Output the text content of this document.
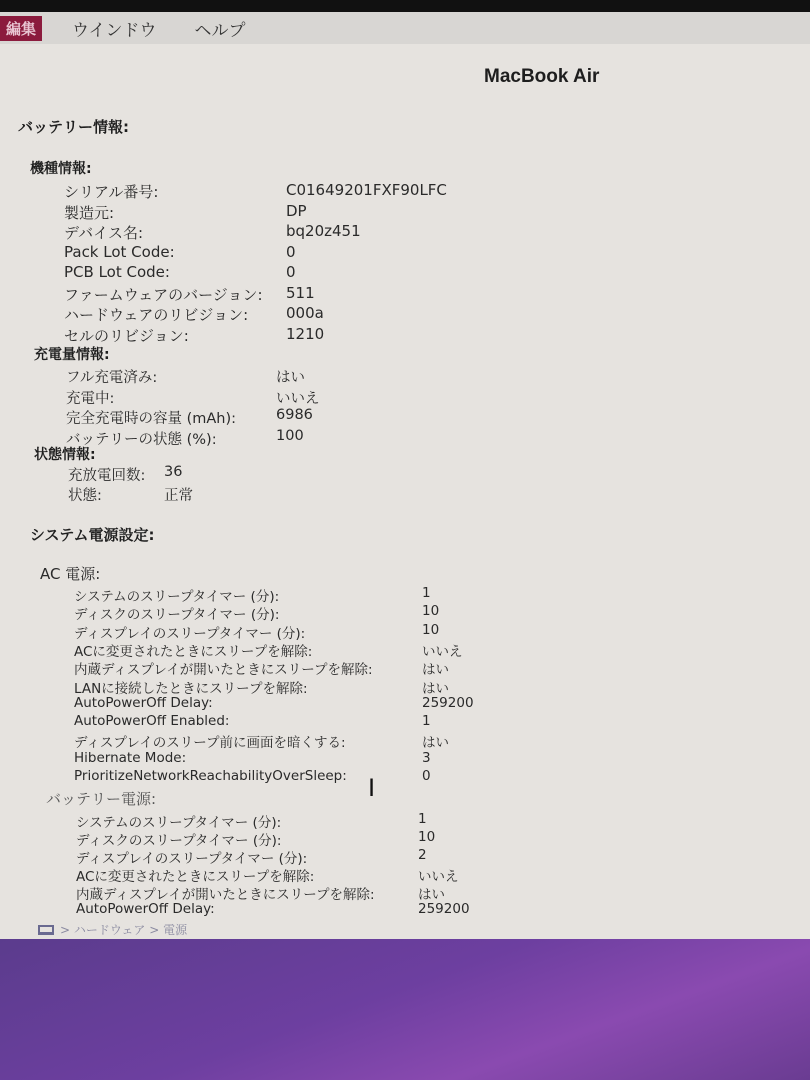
編集	ウインドウ ヘルプ
MacBook Air
バッテリー情報:
機種情報:
シリアル番号:	C01649201FXF90LFC
製造元:	DP
デバイス名:	bq20z451
Pack Lot Code:	0
PCB Lot Code:	0
ファームウェアのバージョン: 511
ハードウェアのリビジョン:	000a
セルのリビジョン:	1210
充電量情報:
フル充電済み:	はい
充電中:	いいえ
完全充電時の容量 (mAh):	6986
バッテリーの状態 (%):	100
状態情報:
充放電回数: 36
状態:	正常
システム電源設定:
AC 電源:
システムのスリープタイマー (分):	1
ディスクのスリープタイマー (分):	10
ディスプレイのスリープタイマー (分):	10
ACに変更されたときにスリープを解除:	いいえ
内蔵ディスプレイが開いたときにスリープを解除:	はい
LANに接続したときにスリープを解除:	はい
AutoPowerOff Delay:	259200
AutoPowerOff Enabled:	1
ディスプレイのスリープ前に画面を暗くする:	はい
Hibernate Mode:	3
PrioritizeNetworkReachabilityOverSleep:	0
バッテリー電源:
システムのスリープタイマー (分):	1
ディスクのスリープタイマー (分):	10
ディスプレイのスリープタイマー (分):	2
ACに変更されたときにスリープを解除:	いいえ
内蔵ディスプレイが開いたときにスリープを解除:	はい
AutoPowerOff Delay:	259200
I
> ハードウェア > 電源
